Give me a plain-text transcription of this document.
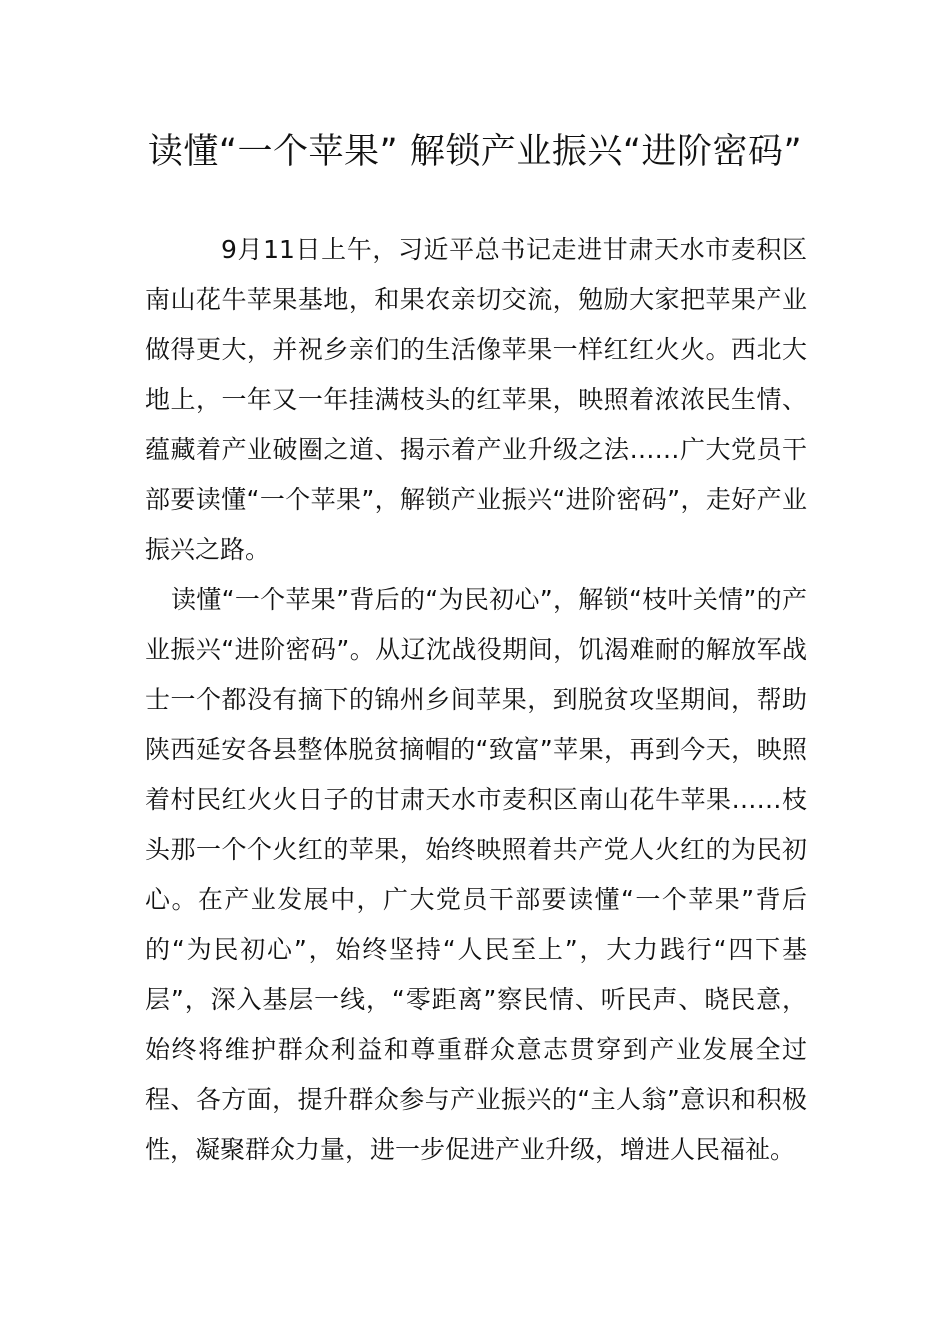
读懂“一个苹果” 解锁产业振兴“进阶密码”

9月11日上午，习近平总书记走进甘肃天水市麦积区南山花牛苹果基地，和果农亲切交流，勉励大家把苹果产业做得更大，并祝乡亲们的生活像苹果一样红红火火。西北大地上，一年又一年挂满枝头的红苹果，映照着浓浓民生情、蕴藏着产业破圈之道、揭示着产业升级之法……广大党员干部要读懂“一个苹果”，解锁产业振兴“进阶密码”，走好产业振兴之路。

读懂“一个苹果”背后的“为民初心”，解锁“枝叶关情”的产业振兴“进阶密码”。从辽沈战役期间，饥渴难耐的解放军战士一个都没有摘下的锦州乡间苹果，到脱贫攻坚期间，帮助陕西延安各县整体脱贫摘帽的“致富”苹果，再到今天，映照着村民红火火日子的甘肃天水市麦积区南山花牛苹果……枝头那一个个火红的苹果，始终映照着共产党人火红的为民初心。在产业发展中，广大党员干部要读懂“一个苹果”背后的“为民初心”，始终坚持“人民至上”，大力践行“四下基层”，深入基层一线，“零距离”察民情、听民声、晓民意，始终将维护群众利益和尊重群众意志贯穿到产业发展全过程、各方面，提升群众参与产业振兴的“主人翁”意识和积极性，凝聚群众力量，进一步促进产业升级，增进人民福祉。
